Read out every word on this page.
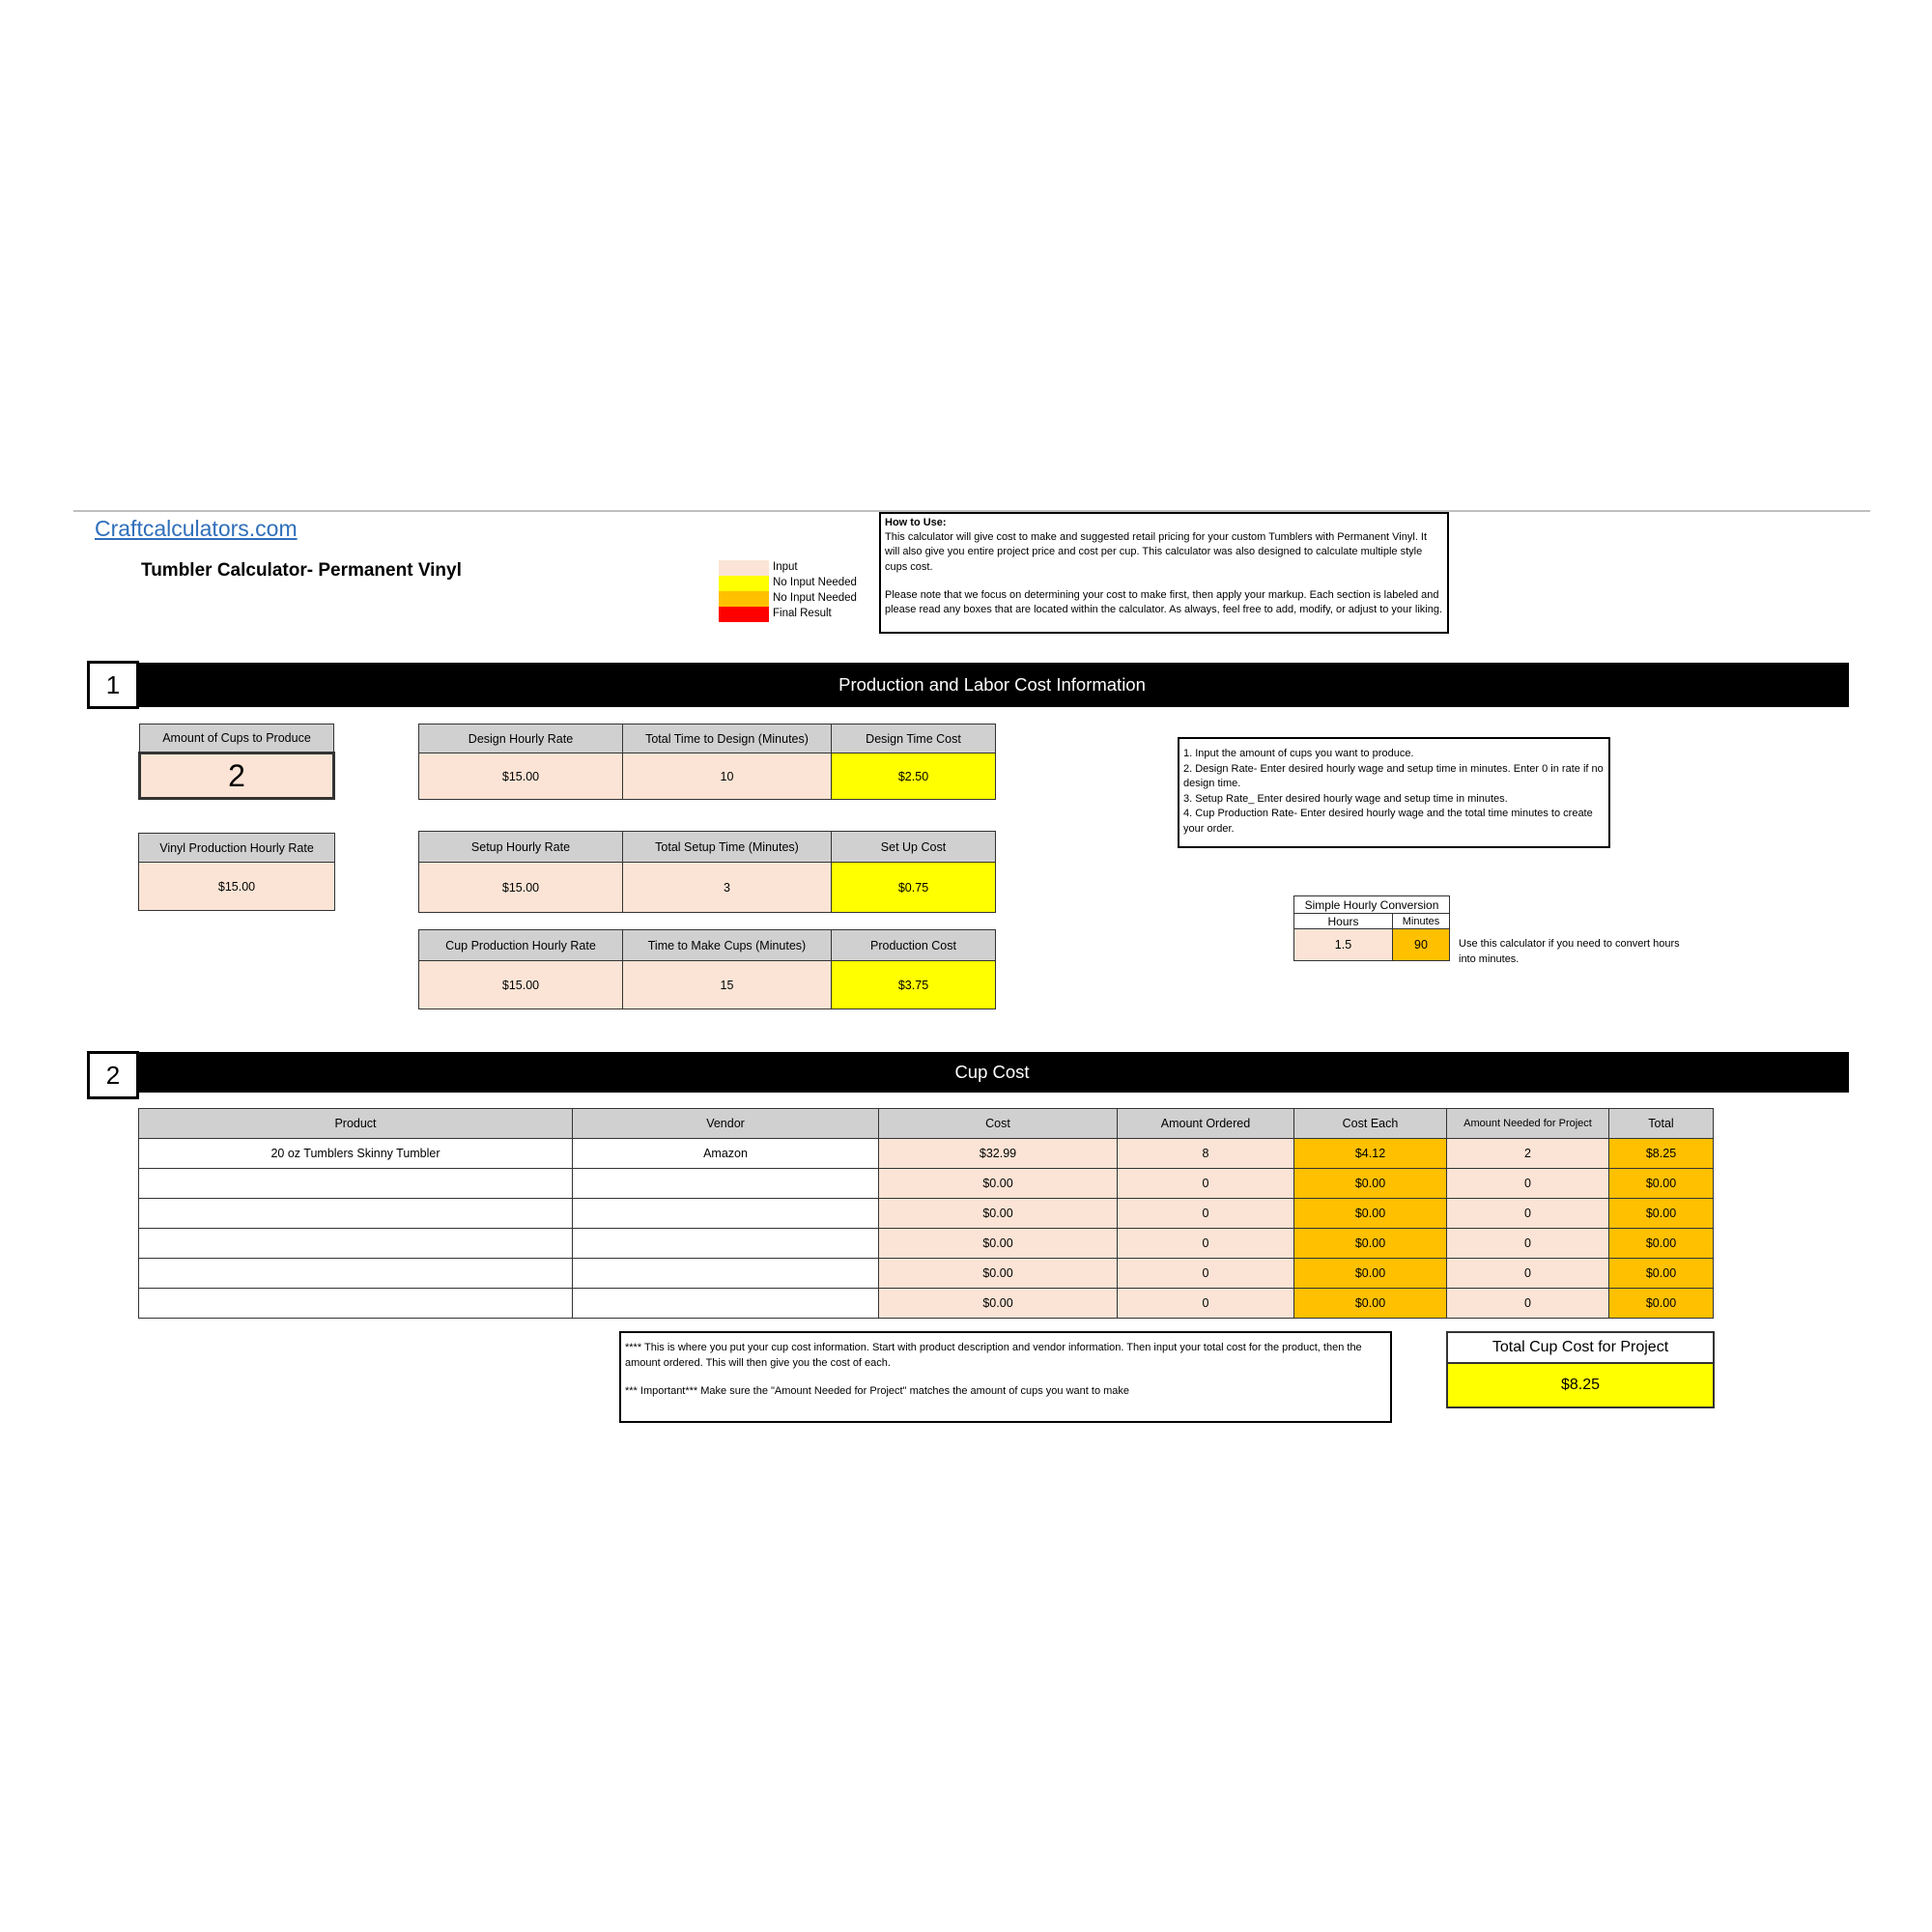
Craftcalculators.com
Tumbler Calculator- Permanent Vinyl	Input
No Input Needed
No Input Needed
Final Result

How to Use:

This calculator will give cost to make and suggested retail pricing for your custom Tumblers with Permanent Vinyl. It will also give you entire project price and cost per cup. This calculator was also designed to calculate multiple style cups cost.

Please note that we focus on determining your cost to make first, then apply your markup. Each section is labeled and please read any boxes that are located within the calculator. As always, feel free to add, modify, or adjust to your liking.

Production and Labor Cost Information
1
Amount of Cups to Produce
2
Vinyl Production Hourly Rate
$15.00
Design Hourly Rate	Total Time to Design (Minutes)	Design Time Cost
$15.00	10	$2.50
Setup Hourly Rate	Total Setup Time (Minutes)	Set Up Cost
$15.00	3	$0.75
Cup Production Hourly Rate	Time to Make Cups (Minutes)	Production Cost
$15.00	15	$3.75

1. Input the amount of cups you want to produce.

2. Design Rate- Enter desired hourly wage and setup time in minutes. Enter 0 in rate if no design time.

3. Setup Rate_ Enter desired hourly wage and setup time in minutes.

4. Cup Production Rate- Enter desired hourly wage and the total time minutes to create your order.

Simple Hourly Conversion	
Hours	Minutes
1.5	90	Use this calculator if you need to convert hours into minutes.
Cup Cost
2
Product	Vendor	Cost	Amount Ordered	Cost Each	Amount Needed for Project	Total
20 oz Tumblers Skinny Tumbler	Amazon	$32.99	8	$4.12	2	$8.25
		$0.00	0	$0.00	0	$0.00
		$0.00	0	$0.00	0	$0.00
		$0.00	0	$0.00	0	$0.00
		$0.00	0	$0.00	0	$0.00
		$0.00	0	$0.00	0	$0.00

**** This is where you put your cup cost information. Start with product description and vendor information. Then input your total cost for the product, then the amount ordered. This will then give you the cost of each.

*** Important*** Make sure the "Amount Needed for Project" matches the amount of cups you want to make

Total Cup Cost for Project
$8.25
